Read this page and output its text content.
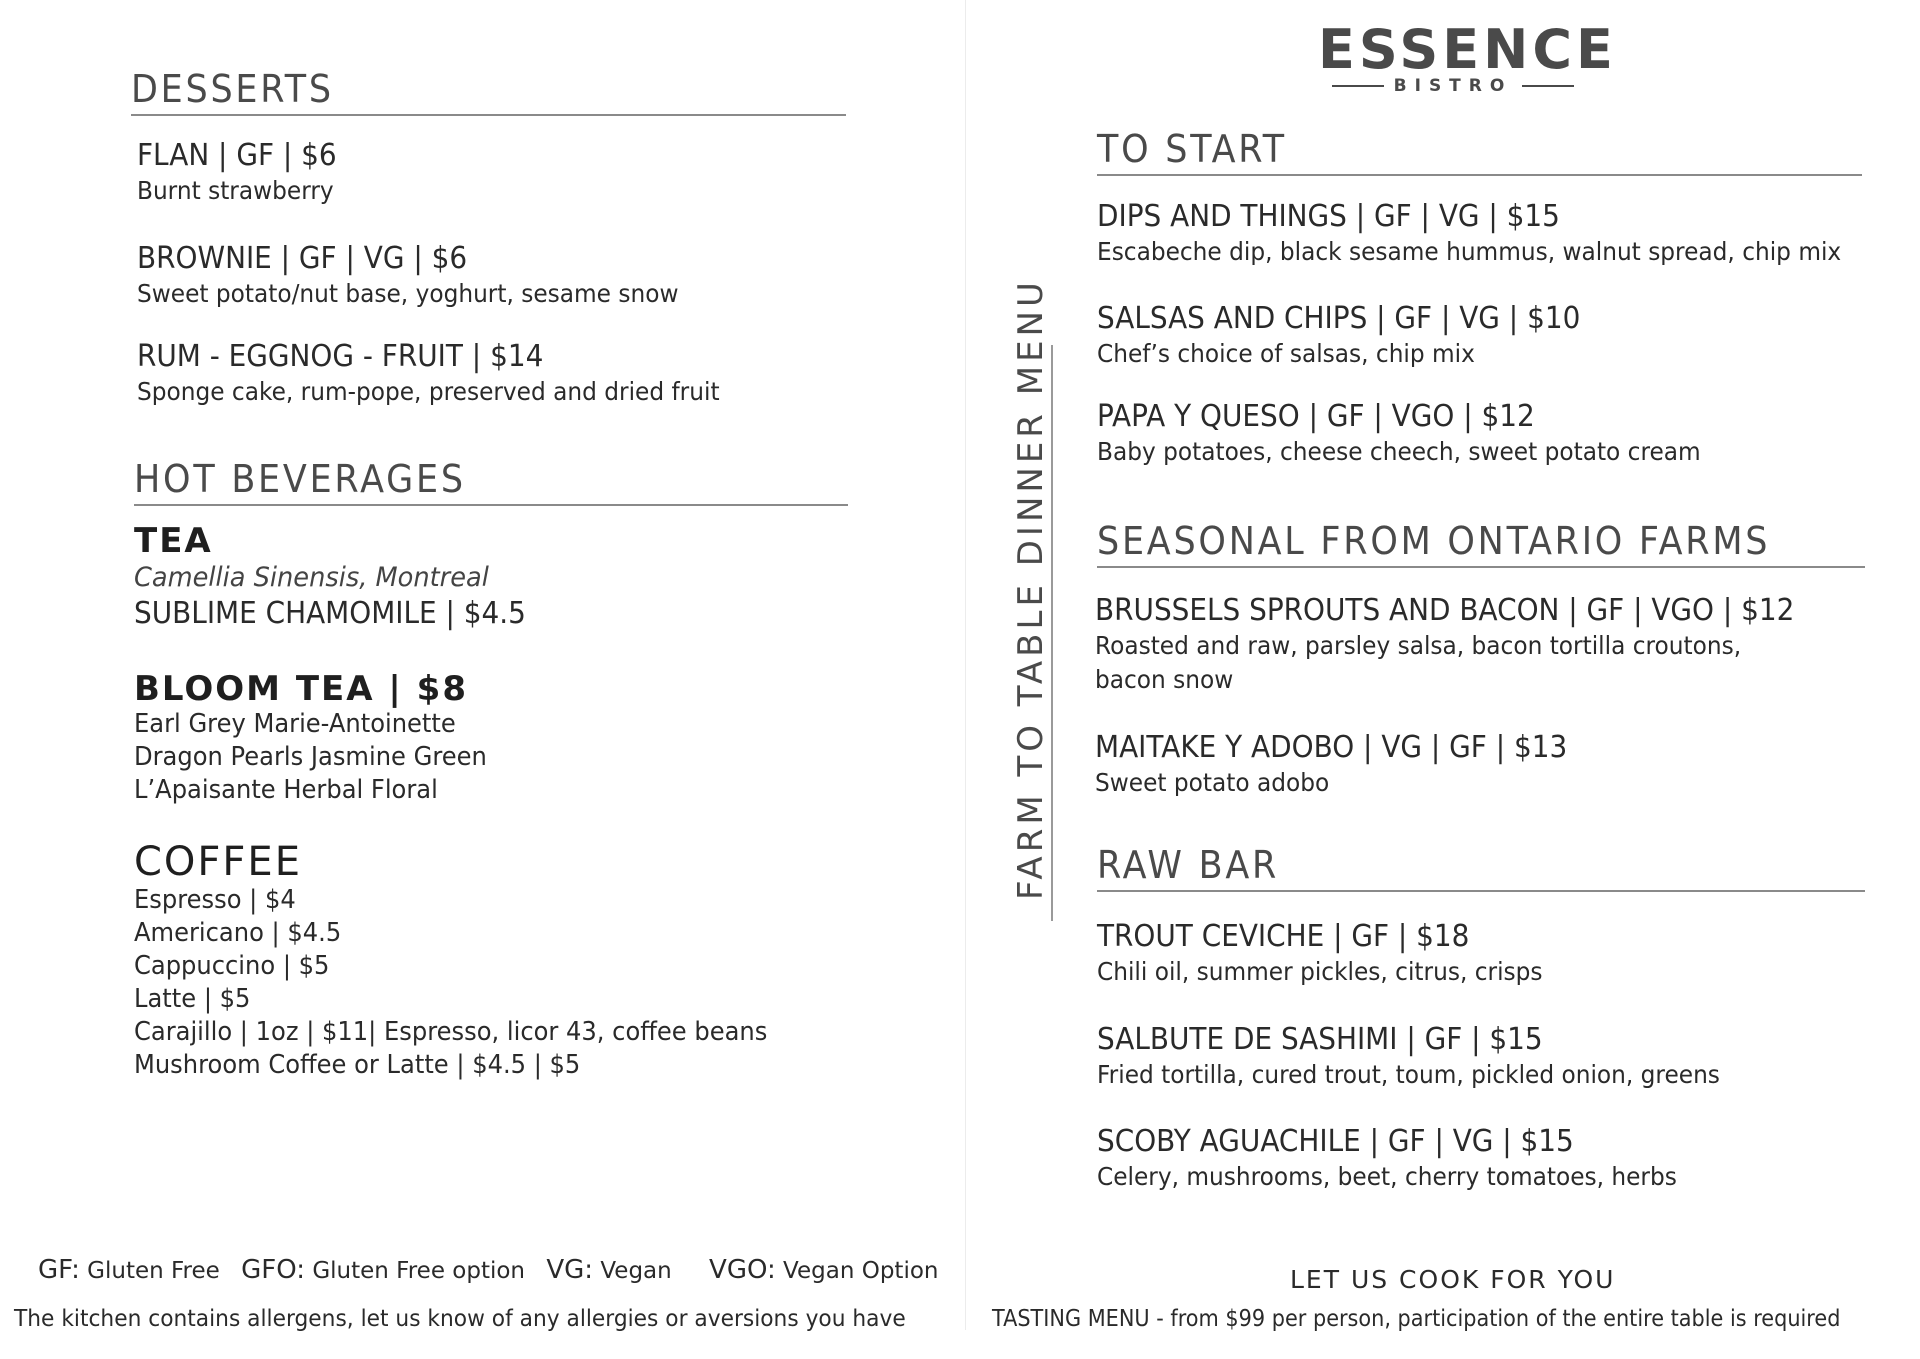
DESSERTS
FLAN | GF | $6
Burnt strawberry
BROWNIE | GF | VG | $6
Sweet potato/nut base, yoghurt, sesame snow
RUM - EGGNOG - FRUIT | $14
Sponge cake, rum-pope, preserved and dried fruit
HOT BEVERAGES
TEA
Camellia Sinensis, Montreal
SUBLIME CHAMOMILE | $4.5
BLOOM TEA | $8
Earl Grey Marie-Antoinette
Dragon Pearls Jasmine Green
L’Apaisante Herbal Floral
COFFEE
Espresso | $4
Americano | $4.5
Cappuccino | $5
Latte | $5
Carajillo | 1oz | $11| Espresso, licor 43, coffee beans
Mushroom Coffee or Latte | $4.5 | $5
GF: Gluten Free GFO: Gluten Free option VG: Vegan VGO: Vegan Option
The kitchen contains allergens, let us know of any allergies or aversions you have
ESSENCE
BISTRO
FARM TO TABLE DINNER MENU
TO START
DIPS AND THINGS | GF | VG | $15
Escabeche dip, black sesame hummus, walnut spread, chip mix
SALSAS AND CHIPS | GF | VG | $10
Chef’s choice of salsas, chip mix
PAPA Y QUESO | GF | VGO | $12
Baby potatoes, cheese cheech, sweet potato cream
SEASONAL FROM ONTARIO FARMS
BRUSSELS SPROUTS AND BACON | GF | VGO | $12
Roasted and raw, parsley salsa, bacon tortilla croutons,
bacon snow
MAITAKE Y ADOBO | VG | GF | $13
Sweet potato adobo
RAW BAR
TROUT CEVICHE | GF | $18
Chili oil, summer pickles, citrus, crisps
SALBUTE DE SASHIMI | GF | $15
Fried tortilla, cured trout, toum, pickled onion, greens
SCOBY AGUACHILE | GF | VG | $15
Celery, mushrooms, beet, cherry tomatoes, herbs
LET US COOK FOR YOU
TASTING MENU - from $99 per person, participation of the entire table is required
